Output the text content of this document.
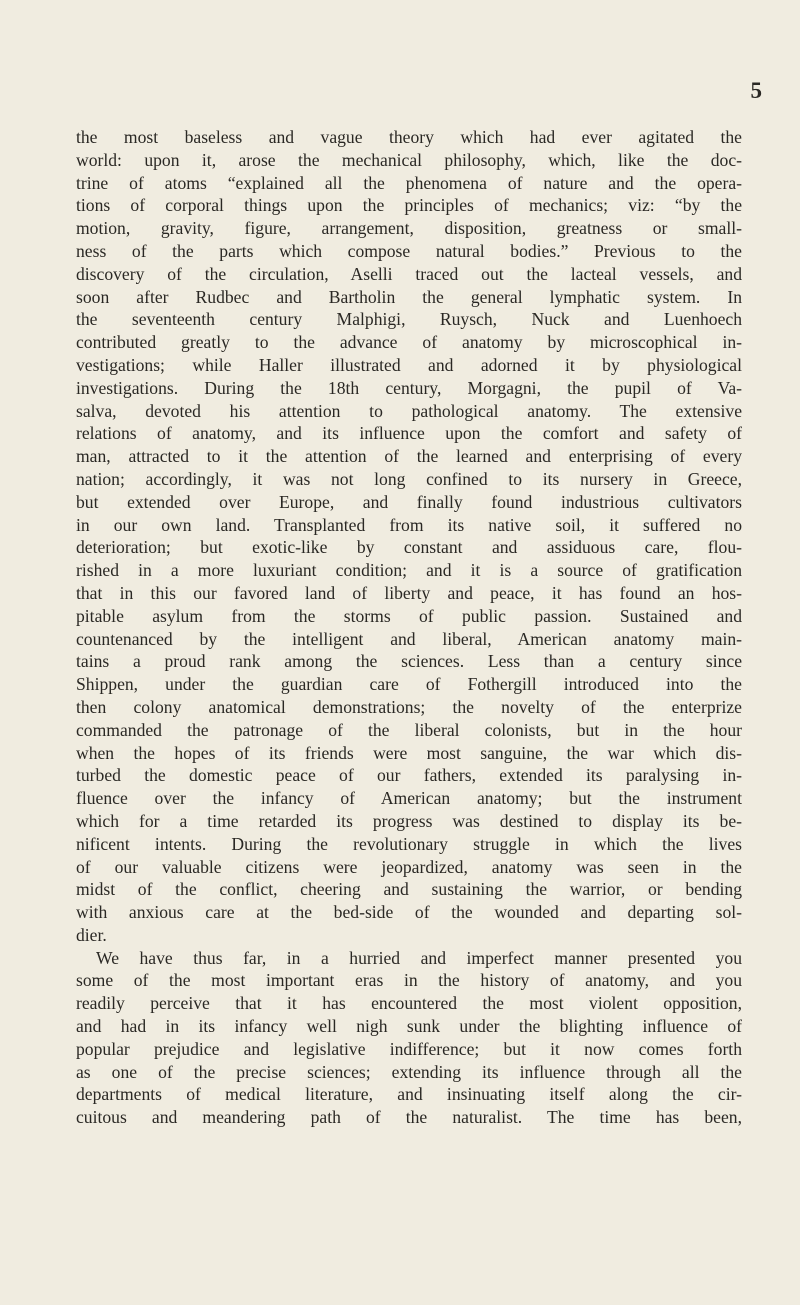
5
the most baseless and vague theory which had ever agitated the
world: upon it, arose the mechanical philosophy, which, like the doc-
trine of atoms “explained all the phenomena of nature and the opera-
tions of corporal things upon the principles of mechanics; viz: “by the
motion, gravity, figure, arrangement, disposition, greatness or small-
ness of the parts which compose natural bodies.” Previous to the
discovery of the circulation, Aselli traced out the lacteal vessels, and
soon after Rudbec and Bartholin the general lymphatic system. In
the seventeenth century Malphigi, Ruysch, Nuck and Luenhoech
contributed greatly to the advance of anatomy by microscophical in-
vestigations; while Haller illustrated and adorned it by physiological
investigations. During the 18th century, Morgagni, the pupil of Va-
salva, devoted his attention to pathological anatomy. The extensive
relations of anatomy, and its influence upon the comfort and safety of
man, attracted to it the attention of the learned and enterprising of every
nation; accordingly, it was not long confined to its nursery in Greece,
but extended over Europe, and finally found industrious cultivators
in our own land. Transplanted from its native soil, it suffered no
deterioration; but exotic-like by constant and assiduous care, flou-
rished in a more luxuriant condition; and it is a source of gratification
that in this our favored land of liberty and peace, it has found an hos-
pitable asylum from the storms of public passion. Sustained and
countenanced by the intelligent and liberal, American anatomy main-
tains a proud rank among the sciences. Less than a century since
Shippen, under the guardian care of Fothergill introduced into the
then colony anatomical demonstrations; the novelty of the enterprize
commanded the patronage of the liberal colonists, but in the hour
when the hopes of its friends were most sanguine, the war which dis-
turbed the domestic peace of our fathers, extended its paralysing in-
fluence over the infancy of American anatomy; but the instrument
which for a time retarded its progress was destined to display its be-
nificent intents. During the revolutionary struggle in which the lives
of our valuable citizens were jeopardized, anatomy was seen in the
midst of the conflict, cheering and sustaining the warrior, or bending
with anxious care at the bed-side of the wounded and departing sol-
dier.
We have thus far, in a hurried and imperfect manner presented you
some of the most important eras in the history of anatomy, and you
readily perceive that it has encountered the most violent opposition,
and had in its infancy well nigh sunk under the blighting influence of
popular prejudice and legislative indifference; but it now comes forth
as one of the precise sciences; extending its influence through all the
departments of medical literature, and insinuating itself along the cir-
cuitous and meandering path of the naturalist. The time has been,
